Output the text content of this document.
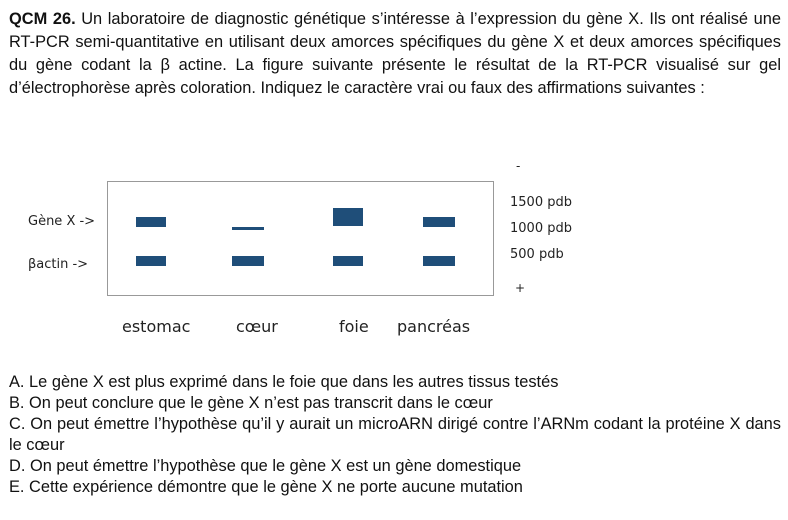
QCM 26. Un laboratoire de diagnostic génétique s’intéresse à l’expression du gène X. Ils ont réalisé une RT-PCR semi-quantitative en utilisant deux amorces spécifiques du gène X et deux amorces spécifiques du gène codant la β actine. La figure suivante présente le résultat de la RT-PCR visualisé sur gel d’électrophorèse après coloration. Indiquez le caractère vrai ou faux des affirmations suivantes :
Gène X ->
βactin ->
-
1500 pdb
1000 pdb
500 pdb
+
estomac	cœur	foie pancréas
A. Le gène X est plus exprimé dans le foie que dans les autres tissus testés
B. On peut conclure que le gène X n’est pas transcrit dans le cœur
C. On peut émettre l’hypothèse qu’il y aurait un microARN dirigé contre l’ARNm codant la protéine X dans le cœur
D. On peut émettre l’hypothèse que le gène X est un gène domestique
E. Cette expérience démontre que le gène X ne porte aucune mutation
